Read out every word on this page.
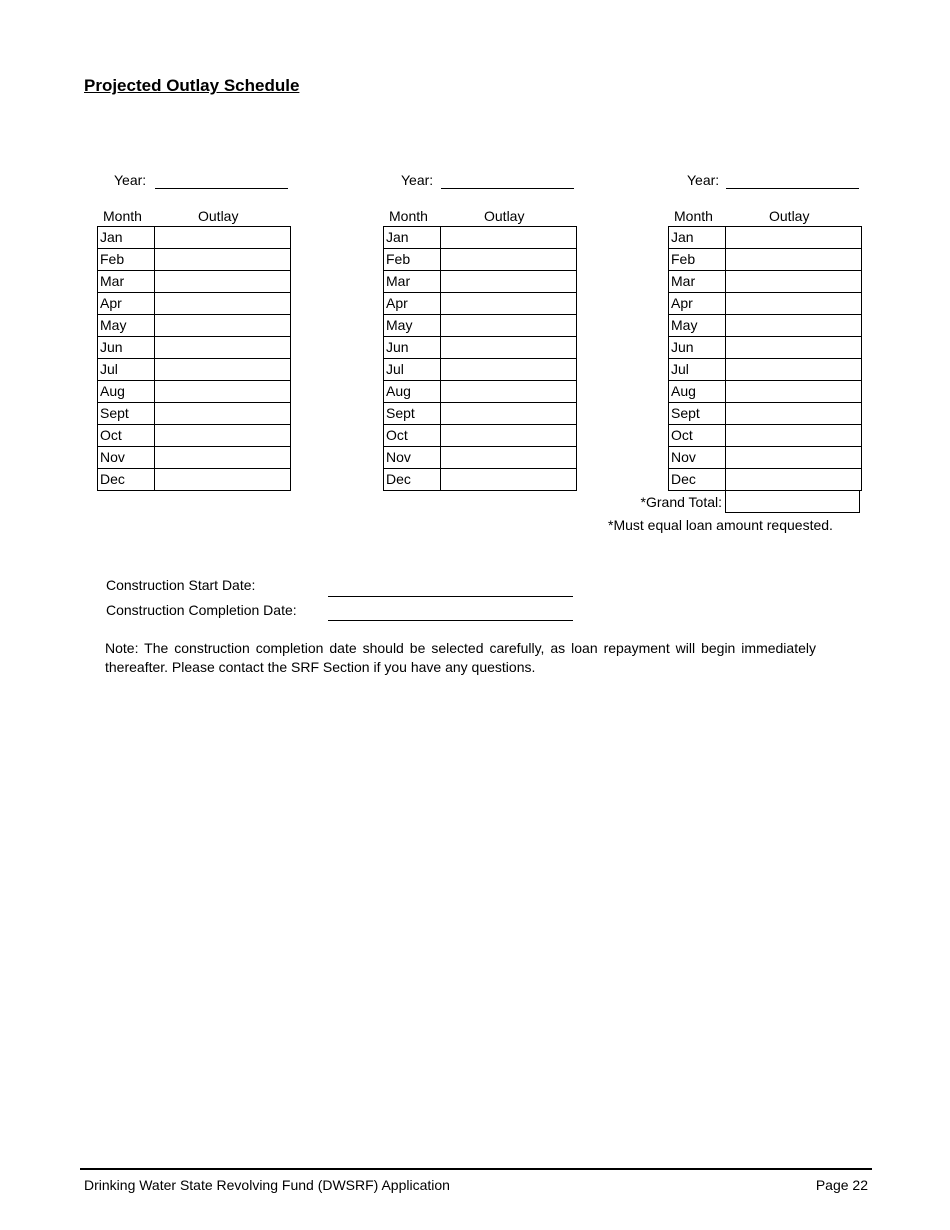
Projected Outlay Schedule
Year:
Month	Outlay
Jan	
Feb	
Mar	
Apr	
May	
Jun	
Jul	
Aug	
Sept	
Oct	
Nov	
Dec	
Year:
Month	Outlay
Jan	
Feb	
Mar	
Apr	
May	
Jun	
Jul	
Aug	
Sept	
Oct	
Nov	
Dec	
Year:
Month	Outlay
Jan	
Feb	
Mar	
Apr	
May	
Jun	
Jul	
Aug	
Sept	
Oct	
Nov	
Dec	
*Grand Total:
*Must equal loan amount requested.
Construction Start Date:
Construction Completion Date:
Note: The construction completion date should be selected carefully, as loan repayment will begin immediately thereafter. Please contact the SRF Section if you have any questions.
Drinking Water State Revolving Fund (DWSRF) Application	Page 22
